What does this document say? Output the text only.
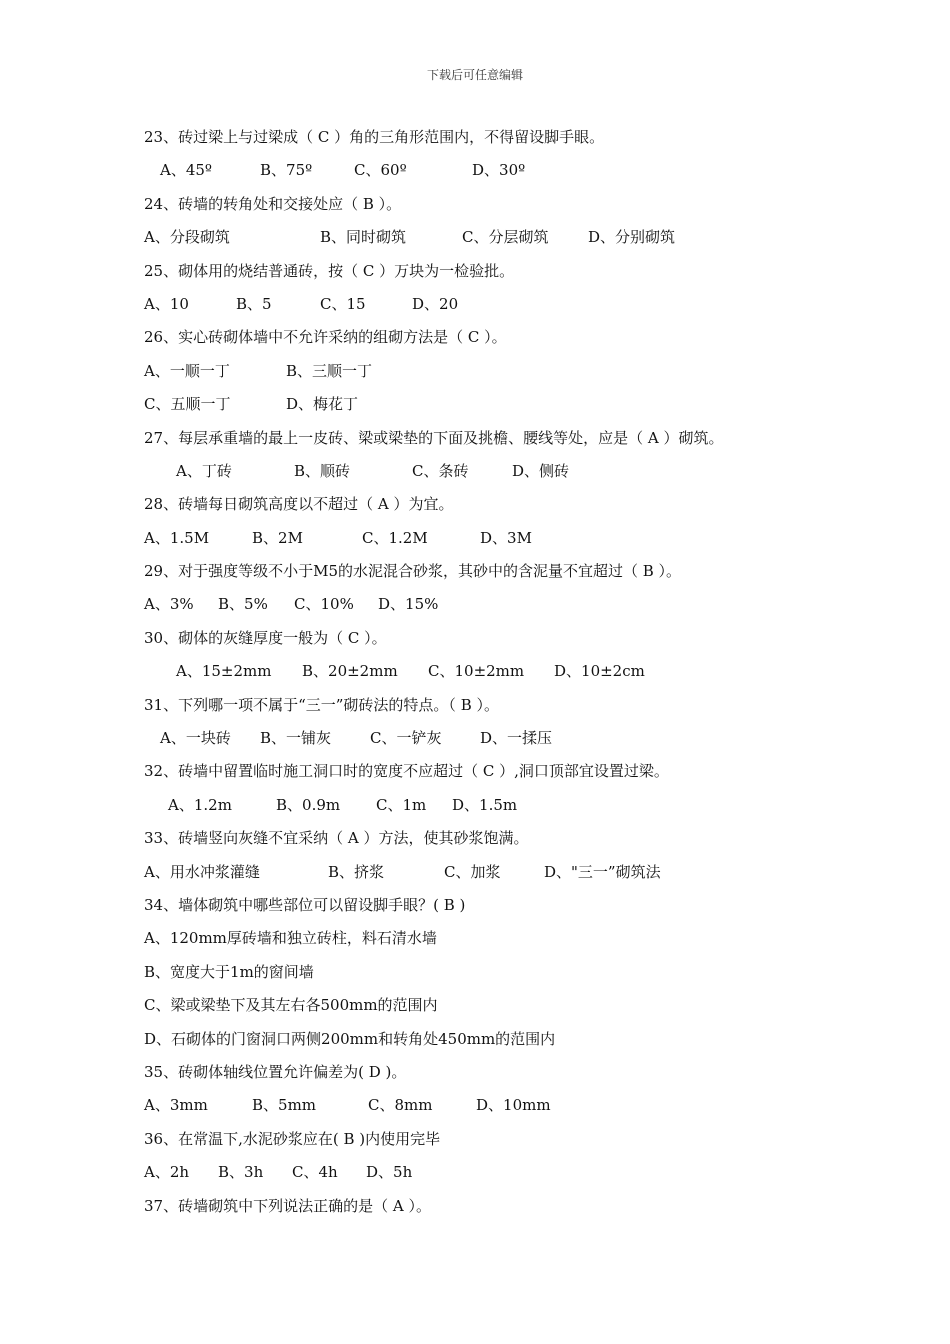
下载后可任意编辑
23、砖过梁上与过梁成（ C ）角的三角形范围内，不得留设脚手眼。
A、45º	B、75º	C、60º	D、30º
24、砖墙的转角处和交接处应（ B ）。
A、分段砌筑	B、同时砌筑	C、分层砌筑	D、分别砌筑
25、砌体用的烧结普通砖，按（ C ）万块为一检验批。
A、10	B、5	C、15	D、20
26、实心砖砌体墙中不允许采纳的组砌方法是（ C ）。
A、一顺一丁	B、三顺一丁
C、五顺一丁	D、梅花丁
27、每层承重墙的最上一皮砖、梁或梁垫的下面及挑檐、腰线等处，应是（ A ）砌筑。
A、丁砖	B、顺砖	C、条砖	D、侧砖
28、砖墙每日砌筑高度以不超过（ A ）为宜。
A、1.5M	B、2M	C、1.2M	D、3M
29、对于强度等级不小于M5的水泥混合砂浆，其砂中的含泥量不宜超过（ B ）。
A、3% B、5% C、10% D、15%
30、砌体的灰缝厚度一般为（ C ）。
A、15±2mm B、20±2mm C、10±2mm D、10±2cm
31、下列哪一项不属于“三一”砌砖法的特点。（ B ）。
A、一块砖 B、一铺灰	C、一铲灰	D、一揉压
32、砖墙中留置临时施工洞口时的宽度不应超过（ C ）,洞口顶部宜设置过梁。
A、1.2m	B、0.9m C、1m D、1.5m
33、砖墙竖向灰缝不宜采纳（ A ）方法，使其砂浆饱满。
A、用水冲浆灌缝	B、挤浆	C、加浆	D、"三一”砌筑法
34、墙体砌筑中哪些部位可以留设脚手眼？( B )
A、120mm厚砖墙和独立砖柱，料石清水墙
B、宽度大于1m的窗间墙
C、梁或梁垫下及其左右各500mm的范围内
D、石砌体的门窗洞口两侧200mm和转角处450mm的范围内
35、砖砌体轴线位置允许偏差为( D )。
A、3mm	B、5mm	C、8mm	D、10mm
36、在常温下,水泥砂浆应在( B )内使用完毕
A、2h B、3h C、4h D、5h
37、砖墙砌筑中下列说法正确的是（ A ）。
